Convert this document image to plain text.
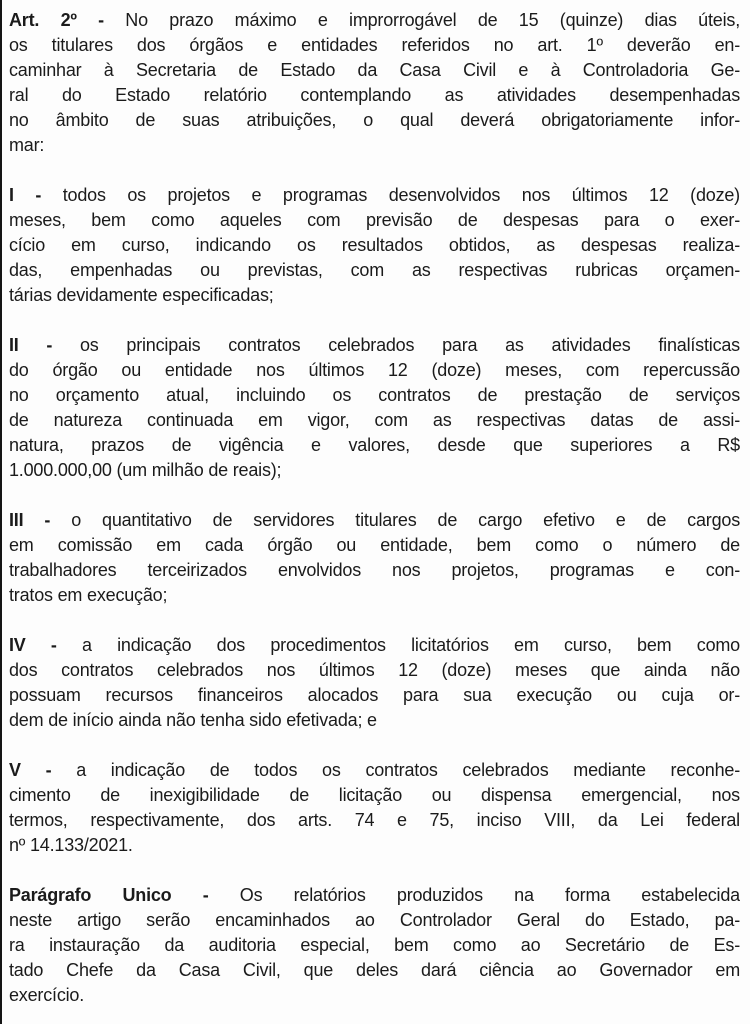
Art. 2º - No prazo máximo e improrrogável de 15 (quinze) dias úteis,
os titulares dos órgãos e entidades referidos no art. 1º deverão en-
caminhar à Secretaria de Estado da Casa Civil e à Controladoria Ge-
ral do Estado relatório contemplando as atividades desempenhadas
no âmbito de suas atribuições, o qual deverá obrigatoriamente infor-
mar:
I - todos os projetos e programas desenvolvidos nos últimos 12 (doze)
meses, bem como aqueles com previsão de despesas para o exer-
cício em curso, indicando os resultados obtidos, as despesas realiza-
das, empenhadas ou previstas, com as respectivas rubricas orçamen-
tárias devidamente especificadas;
II - os principais contratos celebrados para as atividades finalísticas
do órgão ou entidade nos últimos 12 (doze) meses, com repercussão
no orçamento atual, incluindo os contratos de prestação de serviços
de natureza continuada em vigor, com as respectivas datas de assi-
natura, prazos de vigência e valores, desde que superiores a R$
1.000.000,00 (um milhão de reais);
III - o quantitativo de servidores titulares de cargo efetivo e de cargos
em comissão em cada órgão ou entidade, bem como o número de
trabalhadores terceirizados envolvidos nos projetos, programas e con-
tratos em execução;
IV - a indicação dos procedimentos licitatórios em curso, bem como
dos contratos celebrados nos últimos 12 (doze) meses que ainda não
possuam recursos financeiros alocados para sua execução ou cuja or-
dem de início ainda não tenha sido efetivada; e
V - a indicação de todos os contratos celebrados mediante reconhe-
cimento de inexigibilidade de licitação ou dispensa emergencial, nos
termos, respectivamente, dos arts. 74 e 75, inciso VIII, da Lei federal
nº 14.133/2021.
Parágrafo Unico - Os relatórios produzidos na forma estabelecida
neste artigo serão encaminhados ao Controlador Geral do Estado, pa-
ra instauração da auditoria especial, bem como ao Secretário de Es-
tado Chefe da Casa Civil, que deles dará ciência ao Governador em
exercício.
